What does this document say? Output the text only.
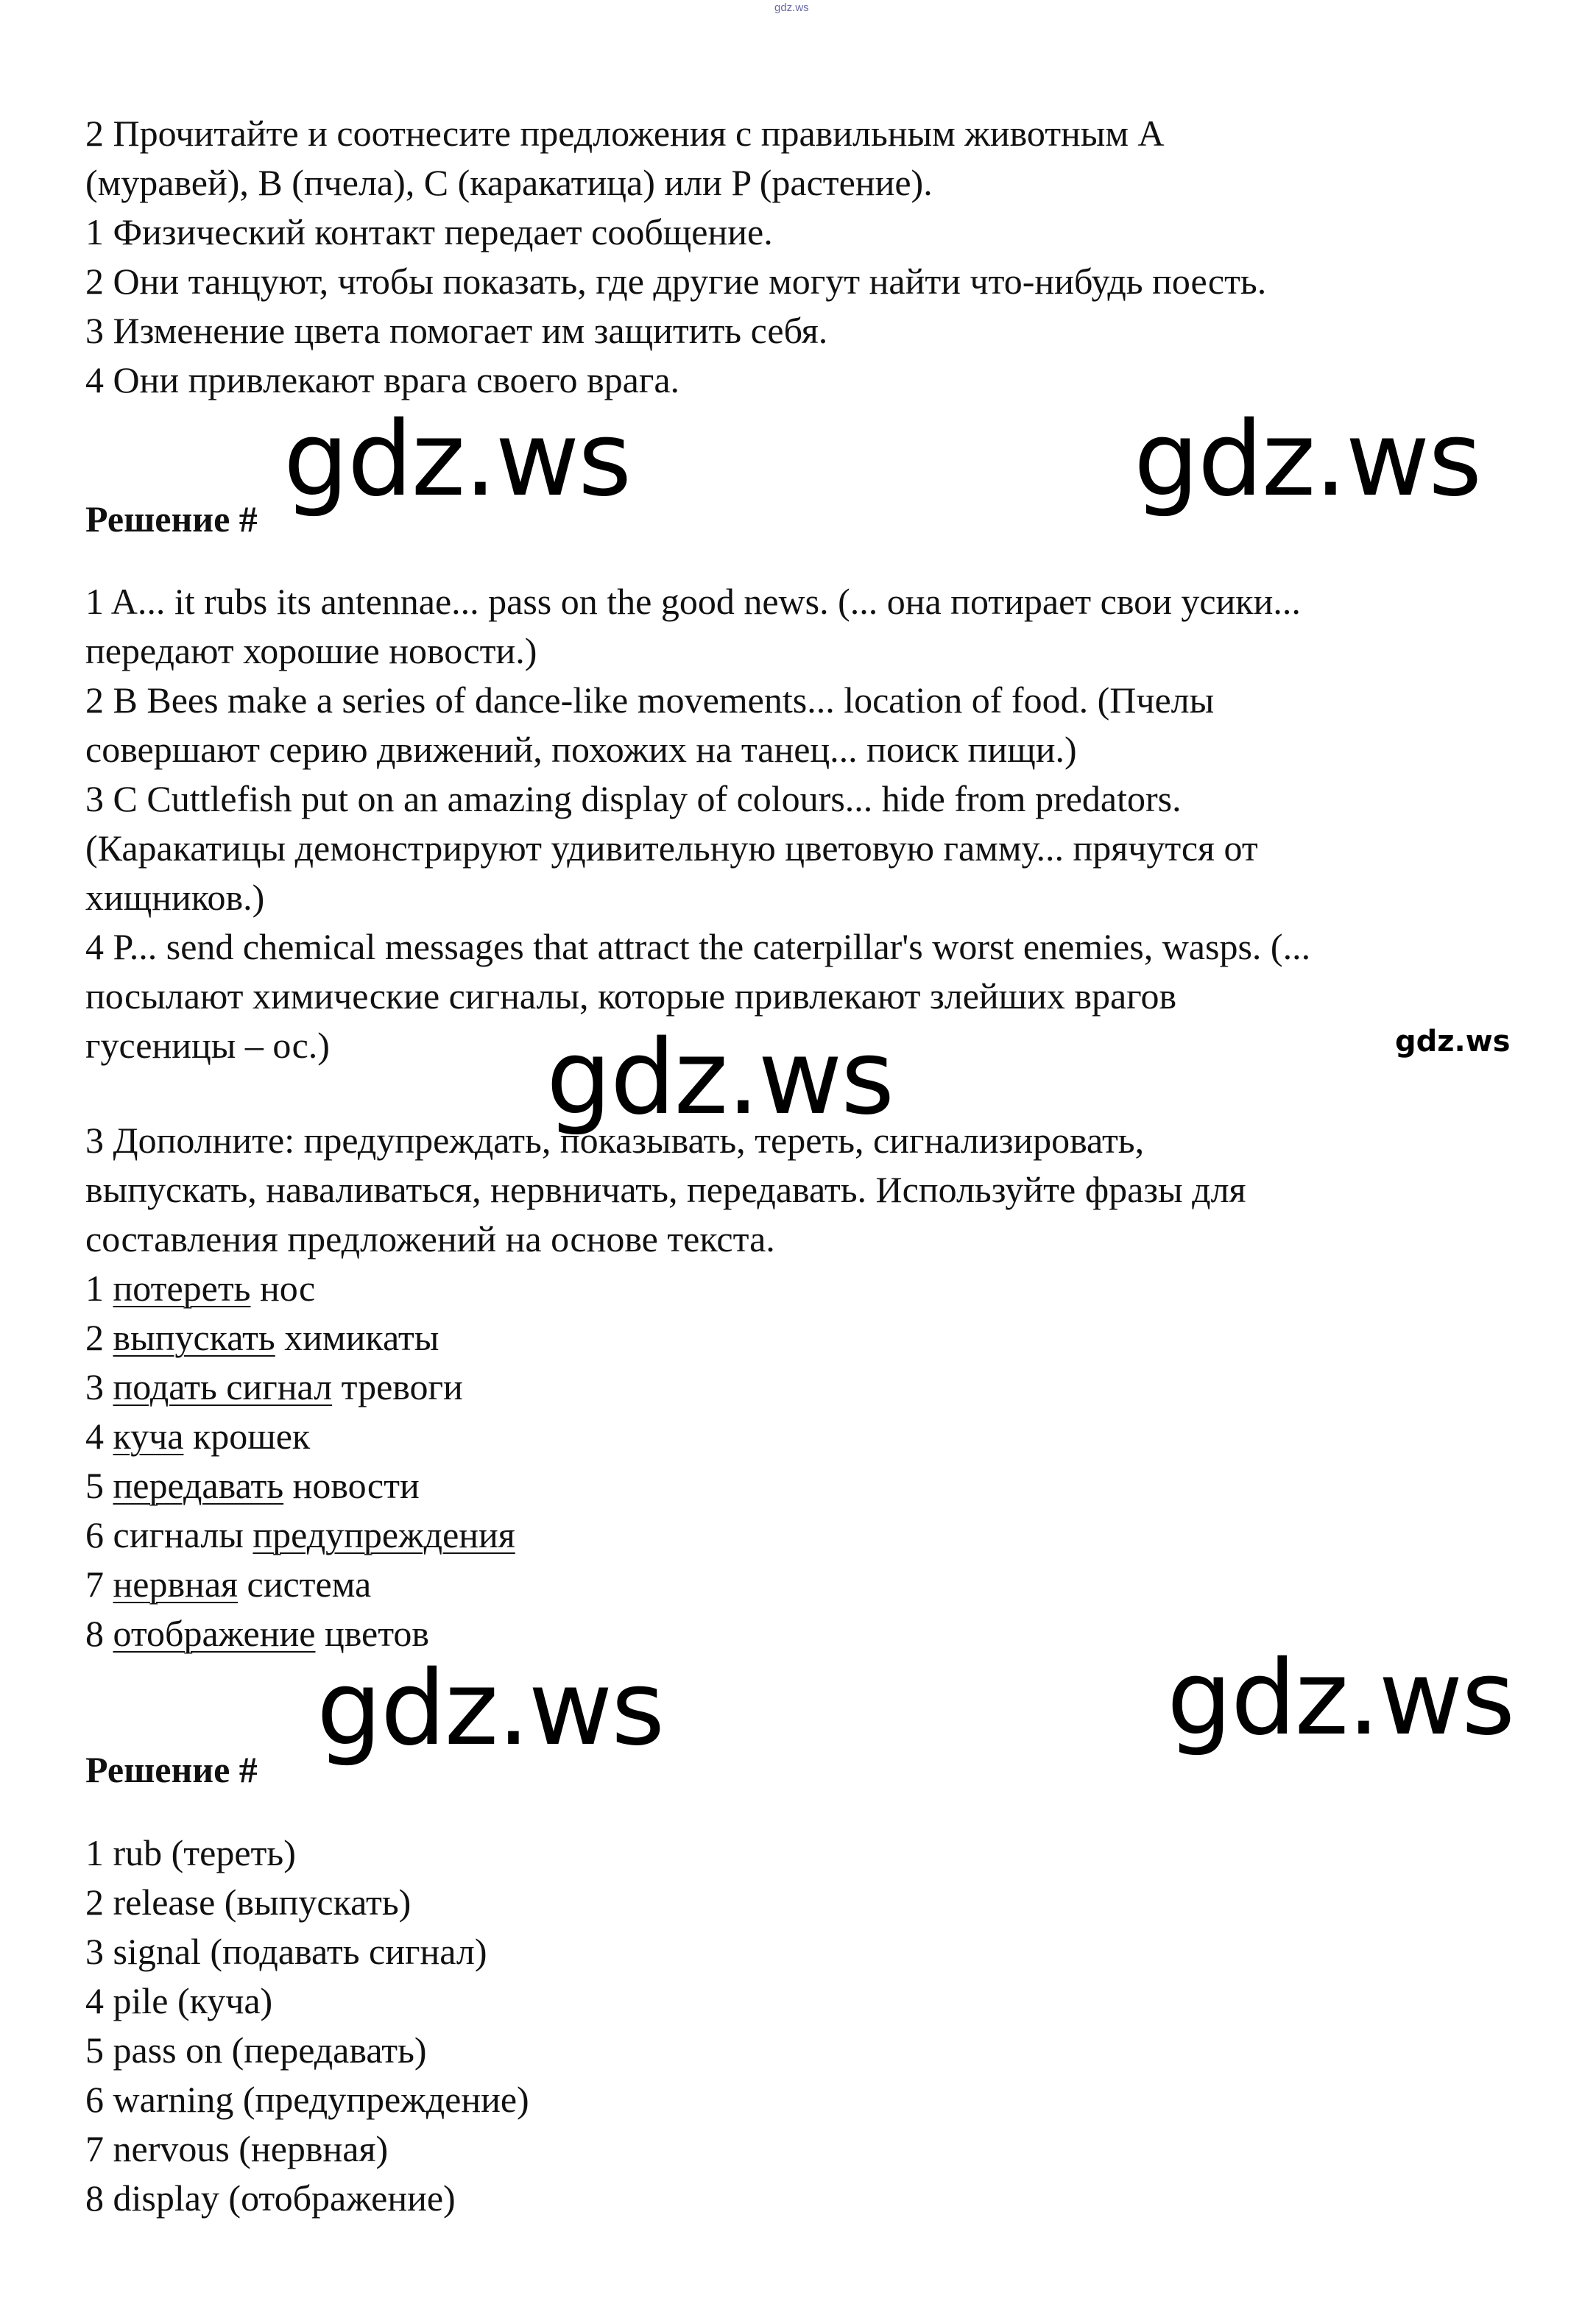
gdz.ws

2 Прочитайте и соотнесите предложения с правильным животным A

(муравей), B (пчела), C (каракатица) или P (растение).

1 Физический контакт передает сообщение.

2 Они танцуют, чтобы показать, где другие могут найти что-нибудь поесть.

3 Изменение цвета помогает им защитить себя.

4 Они привлекают врага своего врага.

gdz.ws	gdz.ws

Решение #

1 A... it rubs its antennae... pass on the good news. (... она потирает свои усики...

передают хорошие новости.)

2 B Bees make a series of dance-like movements... location of food. (Пчелы

совершают серию движений, похожих на танец... поиск пищи.)

3 C Cuttlefish put on an amazing display of colours... hide from predators.

(Каракатицы демонстрируют удивительную цветовую гамму... прячутся от

хищников.)

4 P... send chemical messages that attract the caterpillar's worst enemies, wasps. (...

посылают химические сигналы, которые привлекают злейших врагов

гусеницы – ос.)	gdz.ws	gdz.ws

3 Дополните: предупреждать, показывать, тереть, сигнализировать,

выпускать, наваливаться, нервничать, передавать. Используйте фразы для

составления предложений на основе текста.

1 потереть нос

2 выпускать химикаты

3 подать сигнал тревоги

4 куча крошек

5 передавать новости

6 сигналы предупреждения

7 нервная система

8 отображение цветов

gdz.ws	gdz.ws

Решение #

1 rub (тереть)

2 release (выпускать)

3 signal (подавать сигнал)

4 pile (куча)

5 pass on (передавать)

6 warning (предупреждение)

7 nervous (нервная)

8 display (отображение)
